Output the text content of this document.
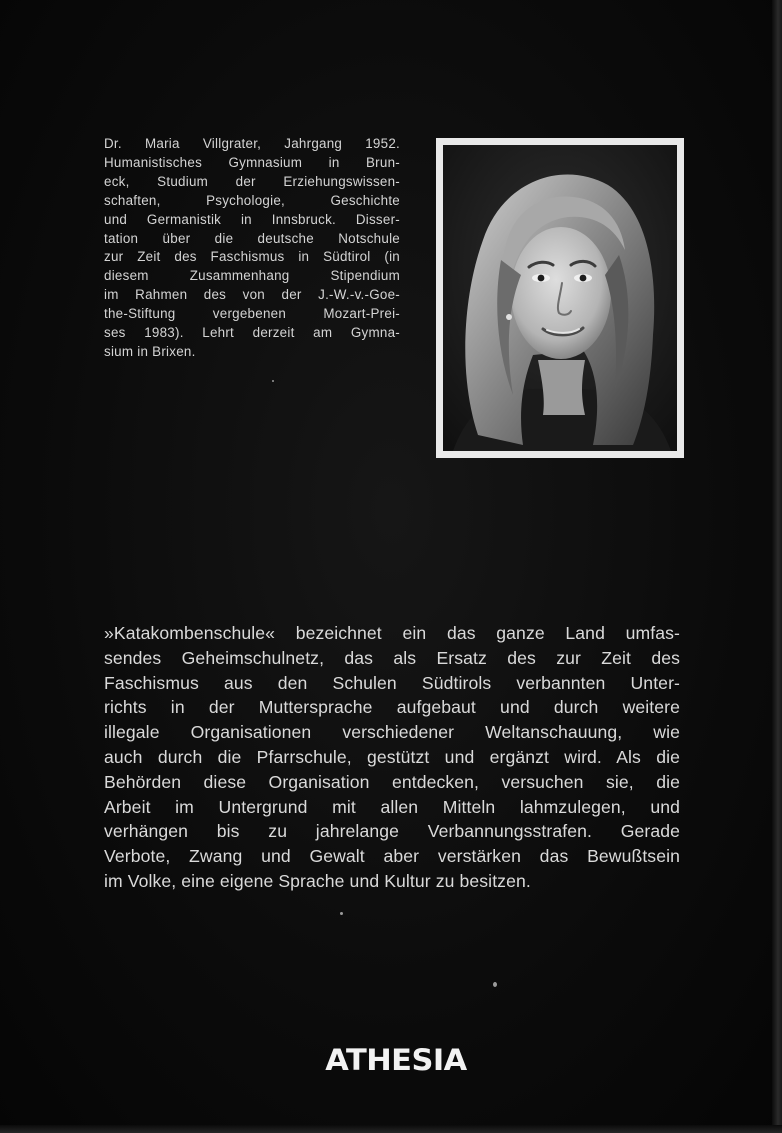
Dr. Maria Villgrater, Jahrgang 1952.
Humanistisches Gymnasium in Brun-
eck, Studium der Erziehungswissen-
schaften, Psychologie, Geschichte
und Germanistik in Innsbruck. Disser-
tation über die deutsche Notschule
zur Zeit des Faschismus in Südtirol (in
diesem Zusammenhang Stipendium
im Rahmen des von der J.-W.-v.-Goe-
the-Stiftung vergebenen Mozart-Prei-
ses 1983). Lehrt derzeit am Gymna-
sium in Brixen.
»Katakombenschule« bezeichnet ein das ganze Land umfas-
sendes Geheimschulnetz, das als Ersatz des zur Zeit des
Faschismus aus den Schulen Südtirols verbannten Unter-
richts in der Muttersprache aufgebaut und durch weitere
illegale Organisationen verschiedener Weltanschauung, wie
auch durch die Pfarrschule, gestützt und ergänzt wird. Als die
Behörden diese Organisation entdecken, versuchen sie, die
Arbeit im Untergrund mit allen Mitteln lahmzulegen, und
verhängen bis zu jahrelange Verbannungsstrafen. Gerade
Verbote, Zwang und Gewalt aber verstärken das Bewußtsein
im Volke, eine eigene Sprache und Kultur zu besitzen.
ATHESIA
